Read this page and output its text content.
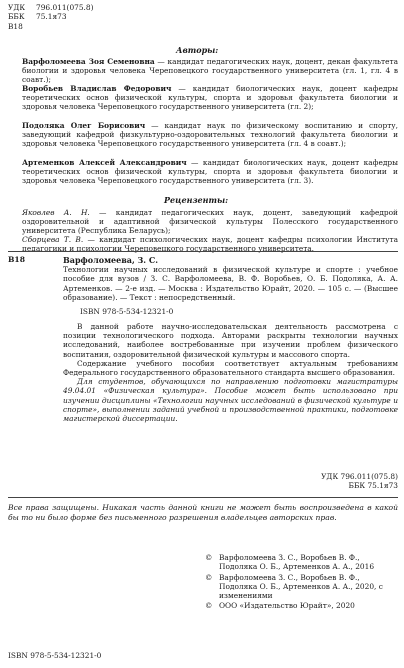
УДК 796.011(075.8)
ББК 75.1я73
В18
Авторы:
Варфоломеева Зоя Семеновна — кандидат педагогических наук, доцент, декан факультета биологии и здоровья человека Череповецкого государственного университета (гл. 1, гл. 4 в соавт.);
Воробьев Владислав Федорович — кандидат биологических наук, доцент кафедры теоретических основ физической культуры, спорта и здоровья факультета биологии и здоровья человека Череповецкого государственного университета (гл. 2);
Подоляка Олег Борисович — кандидат наук по физическому воспитанию и спорту, заведующий кафедрой физкультурно-оздоровительных технологий факультета биологии и здоровья человека Череповецкого государственного университета (гл. 4 в соавт.);
Артеменков Алексей Александрович — кандидат биологических наук, доцент кафедры теоретических основ физической культуры, спорта и здоровья факультета биологии и здоровья человека Череповецкого государственного университета (гл. 3).
Рецензенты:
Яковлев А. Н. — кандидат педагогических наук, доцент, заведующий кафедрой оздоровительной и адаптивной физической культуры Полесского государственного университета (Республика Беларусь);
Сборцева Т. В. — кандидат психологических наук, доцент кафедры психологии Института педагогики и психологии Череповецкого государственного университета.
В18	Варфоломеева, З. С.
Технологии научных исследований в физической культуре и спорте : учебное пособие для вузов / З. С. Варфоломеева, В. Ф. Воробьев, О. Б. Подоляка, А. А. Артеменков. — 2-е изд. — Москва : Издательство Юрайт, 2020. — 105 с. — (Высшее образование). — Текст : непосредственный.
ISBN 978-5-534-12321-0

В данной работе научно-исследовательская деятельность рассмотрена с позиции технологического подхода. Авторами раскрыты технологии научных исследований, наиболее востребованные при изучении проблем физического воспитания, оздоровительной физической культуры и массового спорта.

Содержание учебного пособия соответствует актуальным требованиям Федерального государственного образовательного стандарта высшего образования.

Для студентов, обучающихся по направлению подготовки магистратуры 49.04.01 «Физическая культура». Пособие может быть использовано при изучении дисциплины «Технологии научных исследований в физической культуре и спорте», выполнении заданий учебной и производственной практики, подготовке магистерской диссертации.

УДК 796.011(075.8)
ББК 75.1я73
Все права защищены. Никакая часть данной книги не может быть воспроизведена в какой бы то ни было форме без письменного разрешения владельцев авторских прав.
© Варфоломеева З. С., Воробьев В. Ф., Подоляка О. Б., Артеменков А. А., 2016
© Варфоломеева З. С., Воробьев В. Ф., Подоляка О. Б., Артеменков А. А., 2020, с изменениями
© ООО «Издательство Юрайт», 2020
ISBN 978-5-534-12321-0
